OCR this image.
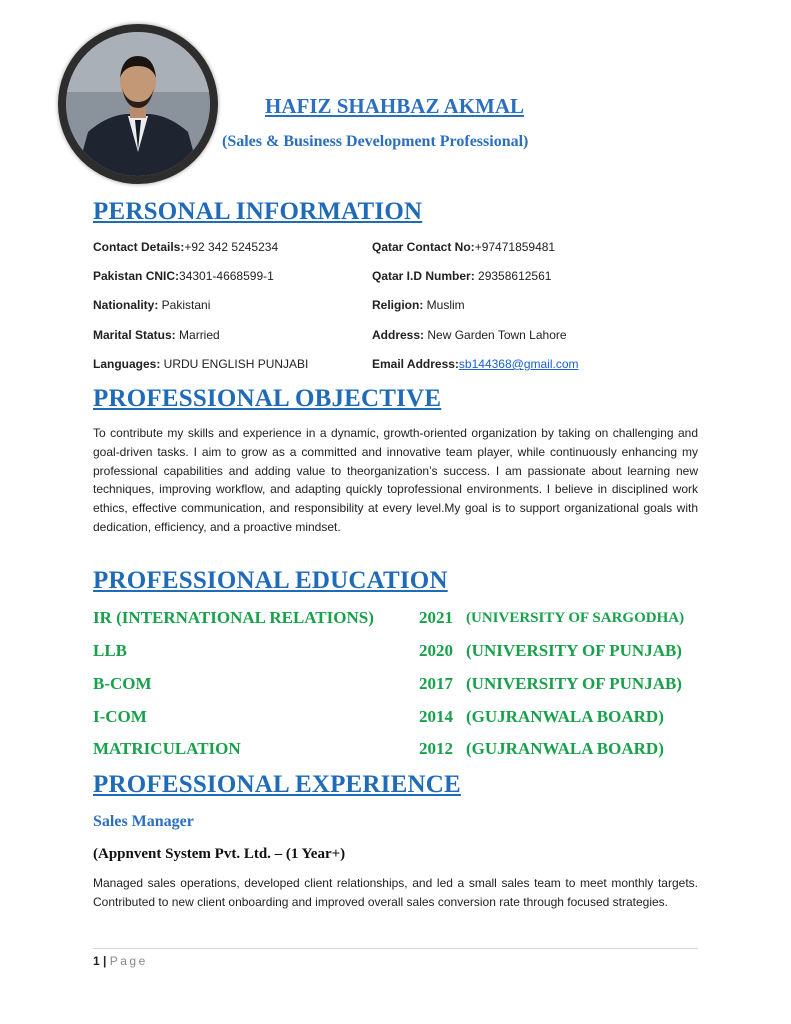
HAFIZ SHAHBAZ AKMAL
(Sales & Business Development Professional)
PERSONAL INFORMATION
Contact Details:+92 342 5245234	Qatar Contact No:+97471859481
Pakistan CNIC:34301-4668599-1	Qatar I.D Number: 29358612561
Nationality: Pakistani	Religion: Muslim
Marital Status: Married	Address: New Garden Town Lahore
Languages: URDU ENGLISH PUNJABI	Email Address:sb144368@gmail.com
PROFESSIONAL OBJECTIVE
To contribute my skills and experience in a dynamic, growth-oriented organization by taking on challenging and goal-driven tasks. I aim to grow as a committed and innovative team player, while continuously enhancing my professional capabilities and adding value to theorganization’s success. I am passionate about learning new techniques, improving workflow, and adapting quickly toprofessional environments. I believe in disciplined work ethics, effective communication, and responsibility at every level.My goal is to support organizational goals with dedication, efficiency, and a proactive mindset.
PROFESSIONAL EDUCATION
IR (INTERNATIONAL RELATIONS)	2021 (UNIVERSITY OF SARGODHA)
LLB	2020 (UNIVERSITY OF PUNJAB)
B-COM	2017 (UNIVERSITY OF PUNJAB)
I-COM	2014 (GUJRANWALA BOARD)
MATRICULATION	2012 (GUJRANWALA BOARD)
PROFESSIONAL EXPERIENCE
Sales Manager
(Appnvent System Pvt. Ltd. – (1 Year+)
Managed sales operations, developed client relationships, and led a small sales team to meet monthly targets. Contributed to new client onboarding and improved overall sales conversion rate through focused strategies.
1 | Page
